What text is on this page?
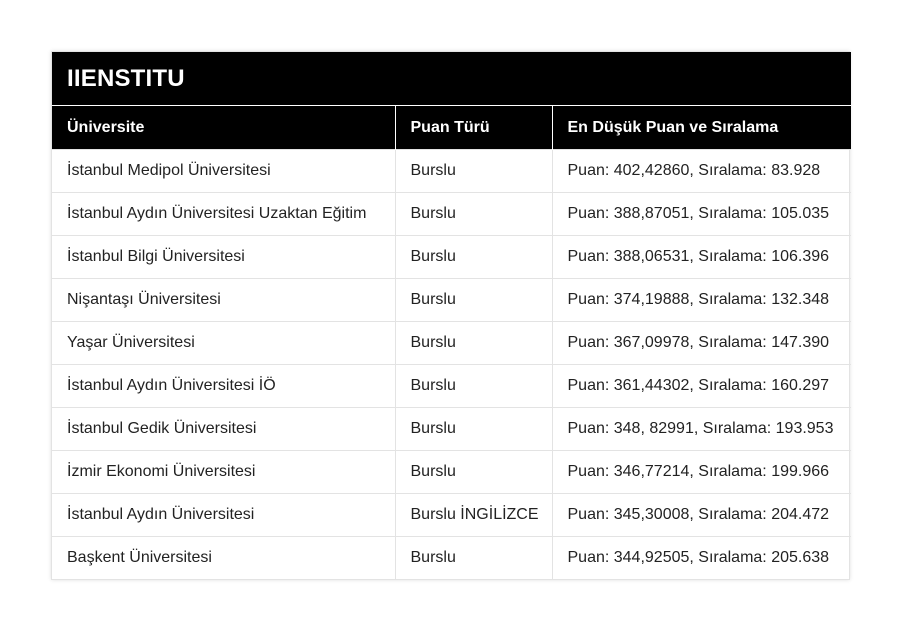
IIENSTITU		
Üniversite	Puan Türü	En Düşük Puan ve Sıralama
İstanbul Medipol Üniversitesi	Burslu	Puan: 402,42860, Sıralama: 83.928
İstanbul Aydın Üniversitesi Uzaktan Eğitim	Burslu	Puan: 388,87051, Sıralama: 105.035
İstanbul Bilgi Üniversitesi	Burslu	Puan: 388,06531, Sıralama: 106.396
Nişantaşı Üniversitesi	Burslu	Puan: 374,19888, Sıralama: 132.348
Yaşar Üniversitesi	Burslu	Puan: 367,09978, Sıralama: 147.390
İstanbul Aydın Üniversitesi İÖ	Burslu	Puan: 361,44302, Sıralama: 160.297
İstanbul Gedik Üniversitesi	Burslu	Puan: 348, 82991, Sıralama: 193.953
İzmir Ekonomi Üniversitesi	Burslu	Puan: 346,77214, Sıralama: 199.966
İstanbul Aydın Üniversitesi	Burslu İNGİLİZCE	Puan: 345,30008, Sıralama: 204.472
Başkent Üniversitesi	Burslu	Puan: 344,92505, Sıralama: 205.638
